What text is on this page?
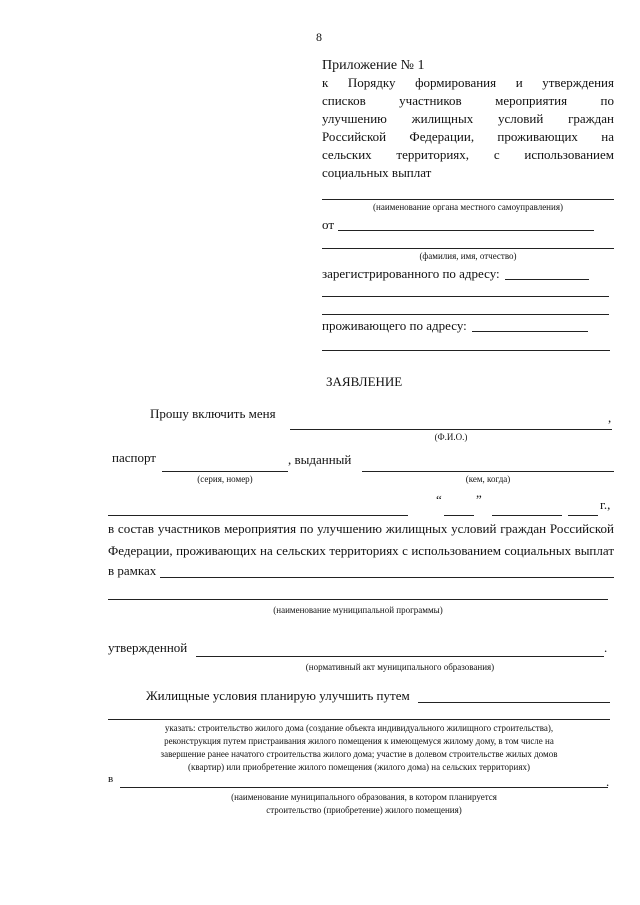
8
Приложение № 1
к Порядку формирования и утверждения
списков участников мероприятия по
улучшению жилищных условий граждан
Российской Федерации, проживающих на
сельских территориях, с использованием
социальных выплат
(наименование органа местного самоуправления)
от
(фамилия, имя, отчество)
зарегистрированного по адресу:
проживающего по адресу:
ЗАЯВЛЕНИЕ
Прошу включить меня	,
(Ф.И.О.)
паспорт	, выданный
(серия, номер)	(кем, когда)
“	”	г.,
в состав участников мероприятия по улучшению жилищных условий граждан Российской
Федерации, проживающих на сельских территориях с использованием социальных выплат
в рамках
(наименование муниципальной программы)
утвержденной	.
(нормативный акт муниципального образования)
Жилищные условия планирую улучшить путем
указать: строительство жилого дома (создание объекта индивидуального жилищного строительства),
реконструкция путем пристраивания жилого помещения к имеющемуся жилому дому, в том числе на
завершение ранее начатого строительства жилого дома; участие в долевом строительстве жилых домов
(квартир) или приобретение жилого помещения (жилого дома) на сельских территориях)
в	.
(наименование муниципального образования, в котором планируется
строительство (приобретение) жилого помещения)
